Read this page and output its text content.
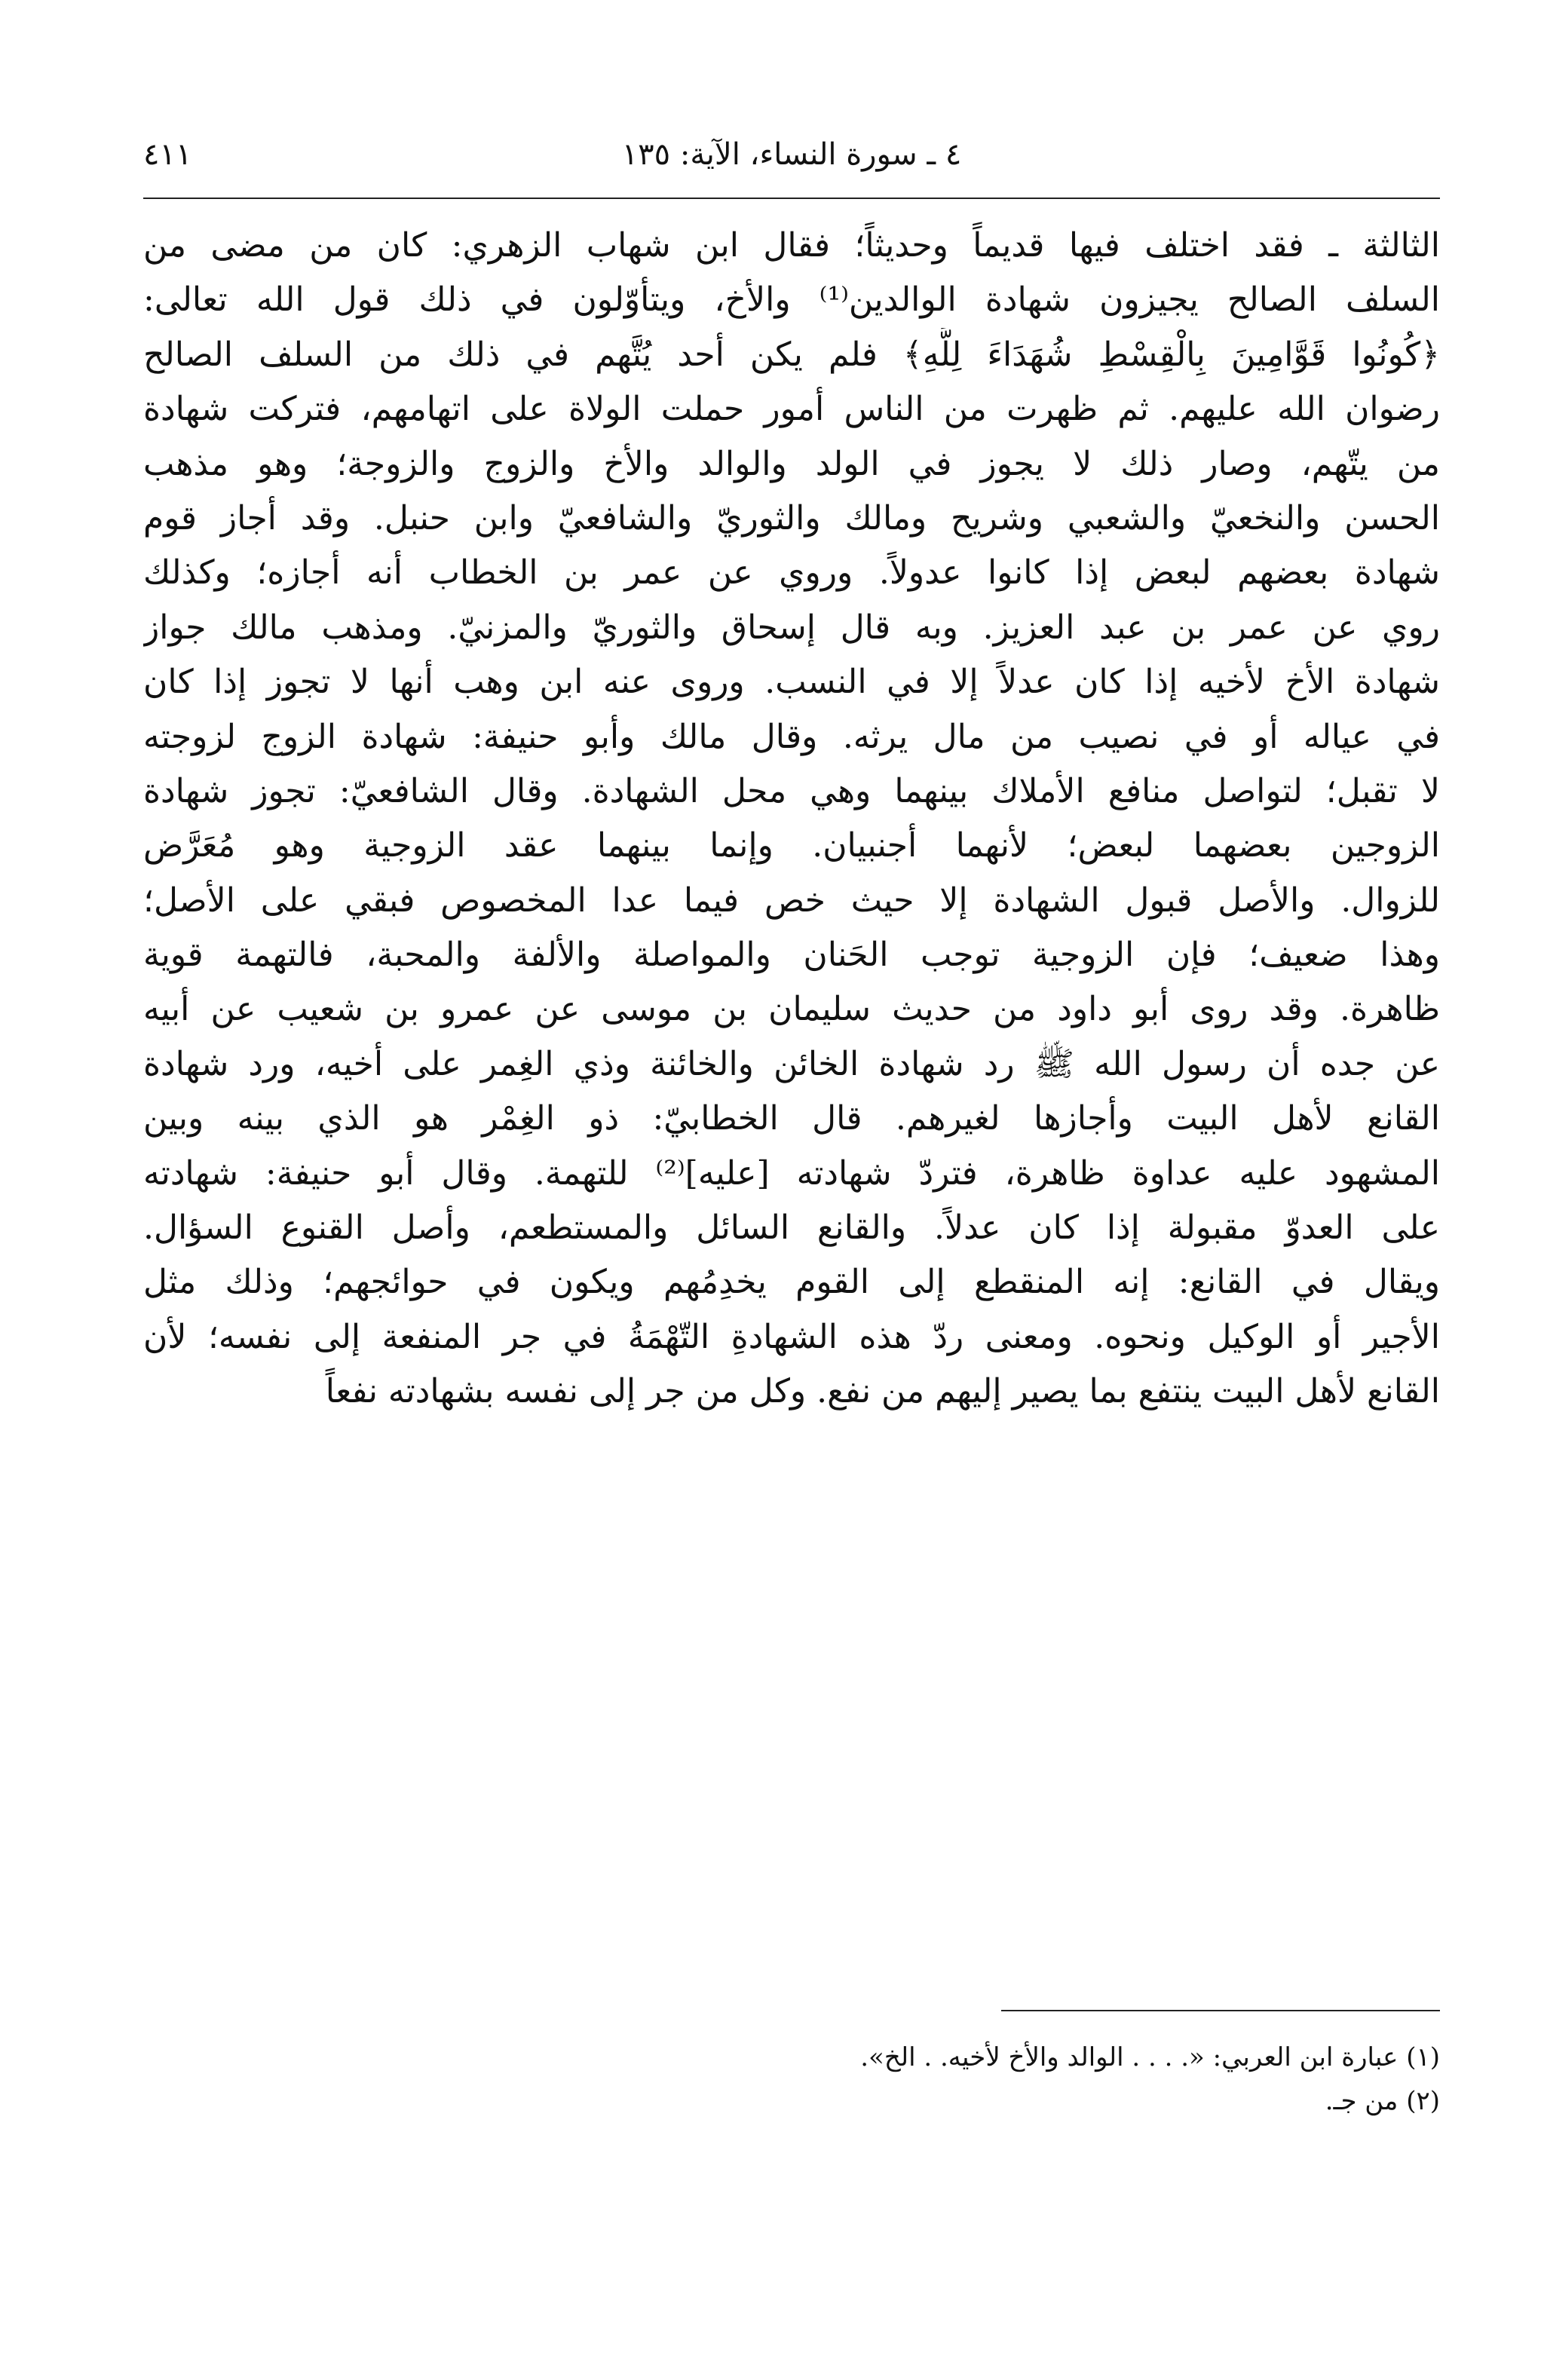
٤ ـ سورة النساء، الآية: ١٣٥
٤١١
الثالثة ـ فقد اختلف فيها قديماً وحديثاً؛ فقال ابن شهاب الزهري: كان من مضى من
السلف الصالح يجيزون شهادة الوالدين⁽¹⁾ والأخ، ويتأوّلون في ذلك قول الله تعالى:
﴿كُونُوا قَوَّامِينَ بِالْقِسْطِ شُهَدَاءَ لِلَّهِ﴾ فلم يكن أحد يُتَّهم في ذلك من السلف الصالح
رضوان الله عليهم. ثم ظهرت من الناس أمور حملت الولاة على اتهامهم، فتركت شهادة
من يتّهم، وصار ذلك لا يجوز في الولد والوالد والأخ والزوج والزوجة؛ وهو مذهب
الحسن والنخعيّ والشعبي وشريح ومالك والثوريّ والشافعيّ وابن حنبل. وقد أجاز قوم
شهادة بعضهم لبعض إذا كانوا عدولاً. وروي عن عمر بن الخطاب أنه أجازه؛ وكذلك
روي عن عمر بن عبد العزيز. وبه قال إسحاق والثوريّ والمزنيّ. ومذهب مالك جواز
شهادة الأخ لأخيه إذا كان عدلاً إلا في النسب. وروى عنه ابن وهب أنها لا تجوز إذا كان
في عياله أو في نصيب من مال يرثه. وقال مالك وأبو حنيفة: شهادة الزوج لزوجته
لا تقبل؛ لتواصل منافع الأملاك بينهما وهي محل الشهادة. وقال الشافعيّ: تجوز شهادة
الزوجين بعضهما لبعض؛ لأنهما أجنبيان. وإنما بينهما عقد الزوجية وهو مُعَرَّض
للزوال. والأصل قبول الشهادة إلا حيث خص فيما عدا المخصوص فبقي على الأصل؛
وهذا ضعيف؛ فإن الزوجية توجب الحَنان والمواصلة والألفة والمحبة، فالتهمة قوية
ظاهرة. وقد روى أبو داود من حديث سليمان بن موسى عن عمرو بن شعيب عن أبيه
عن جده أن رسول الله ﷺ رد شهادة الخائن والخائنة وذي الغِمر على أخيه، ورد شهادة
القانع لأهل البيت وأجازها لغيرهم. قال الخطابيّ: ذو الغِمْر هو الذي بينه وبين
المشهود عليه عداوة ظاهرة، فتردّ شهادته [عليه]⁽²⁾ للتهمة. وقال أبو حنيفة: شهادته
على العدوّ مقبولة إذا كان عدلاً. والقانع السائل والمستطعم، وأصل القنوع السؤال.
ويقال في القانع: إنه المنقطع إلى القوم يخدِمُهم ويكون في حوائجهم؛ وذلك مثل
الأجير أو الوكيل ونحوه. ومعنى ردّ هذه الشهادةِ التّهْمَةُ في جر المنفعة إلى نفسه؛ لأن
القانع لأهل البيت ينتفع بما يصير إليهم من نفع. وكل من جر إلى نفسه بشهادته نفعاً
(١) عبارة ابن العربي: «. . . . الوالد والأخ لأخيه. . الخ».
(٢) من جـ.
